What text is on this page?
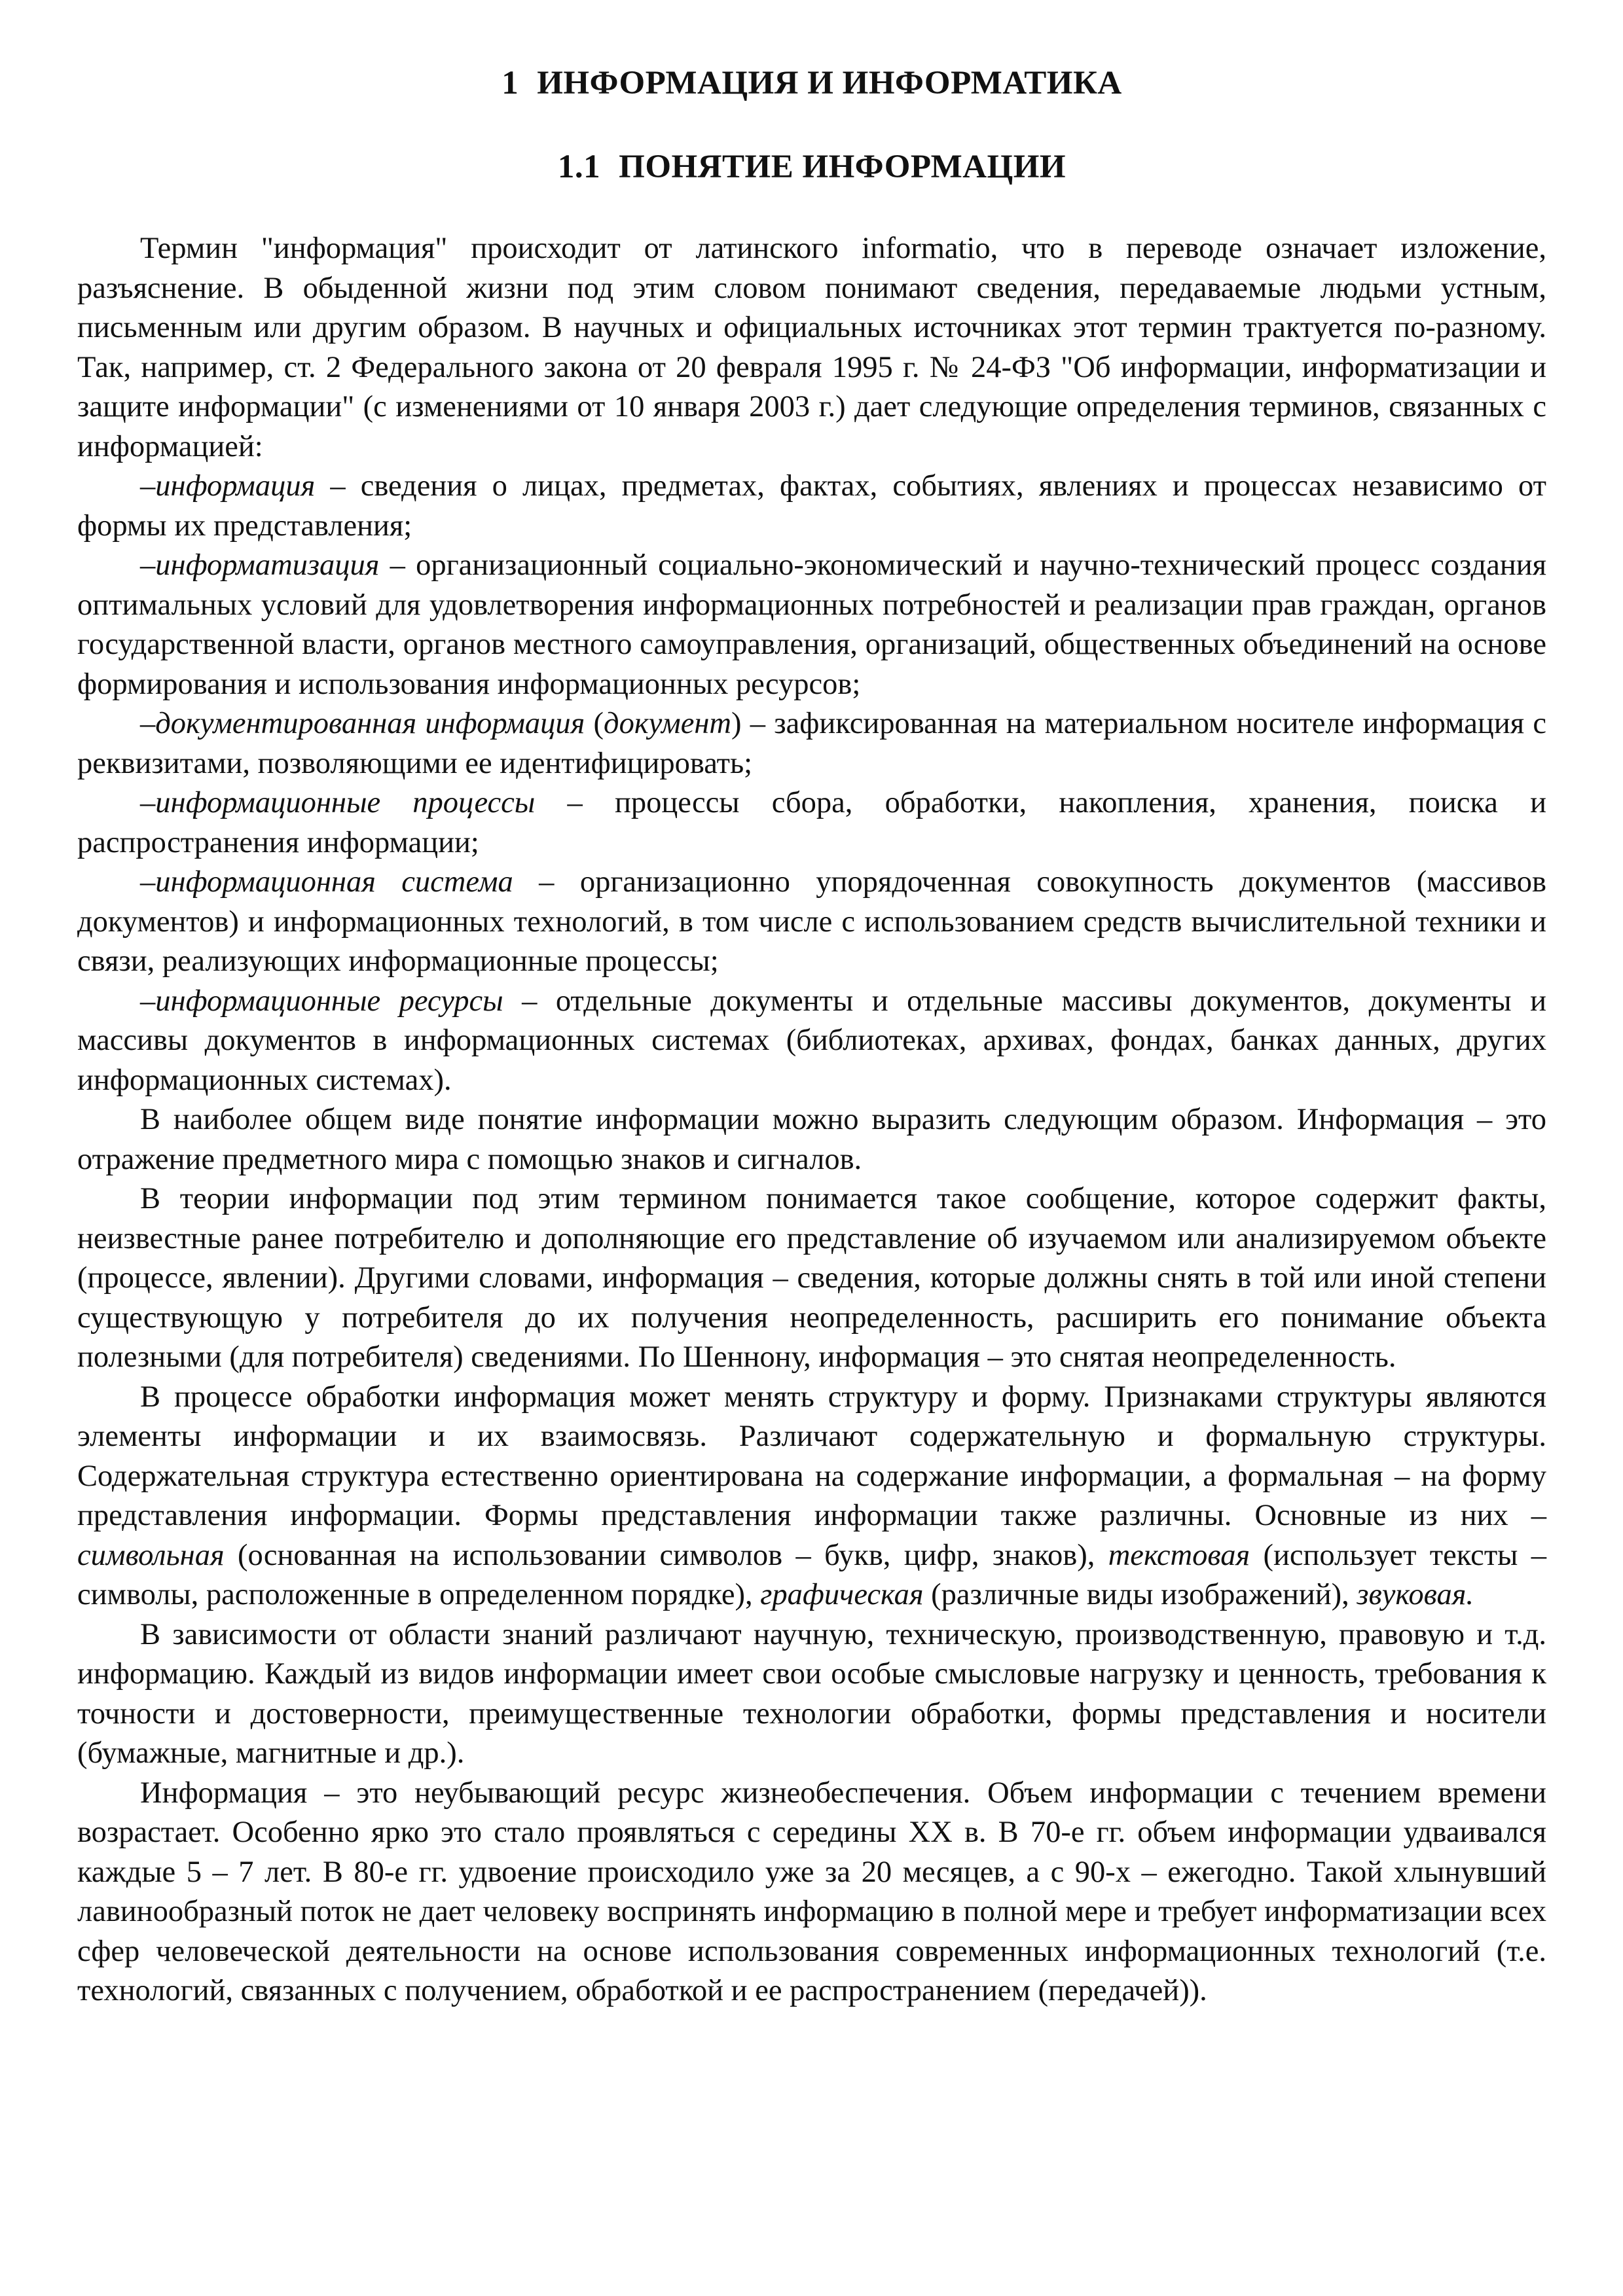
1 ИНФОРМАЦИЯ И ИНФОРМАТИКА
1.1 ПОНЯТИЕ ИНФОРМАЦИИ

Термин "информация" происходит от латинского informatio, что в переводе означает изложение, разъяснение. В обыденной жизни под этим словом понимают сведения, передаваемые людьми устным, письменным или другим образом. В научных и официальных источниках этот термин трактуется по-разному. Так, например, ст. 2 Федерального закона от 20 февраля 1995 г. № 24-ФЗ "Об информации, информатизации и защите информации" (с изменениями от 10 января 2003 г.) дает следующие определения терминов, связанных с информацией:

–информация – сведения о лицах, предметах, фактах, событиях, явлениях и процессах независимо от формы их представления;

–информатизация – организационный социально-экономический и научно-технический процесс создания оптимальных условий для удовлетворения информационных потребностей и реализации прав граждан, органов государственной власти, органов местного самоуправления, организаций, общественных объединений на основе формирования и использования информационных ресурсов;

–документированная информация (документ) – зафиксированная на материальном носителе информация с реквизитами, позволяющими ее идентифицировать;

–информационные процессы – процессы сбора, обработки, накопления, хранения, поиска и распространения информации;

–информационная система – организационно упорядоченная совокупность документов (массивов документов) и информационных технологий, в том числе с использованием средств вычислительной техники и связи, реализующих информационные процессы;

–информационные ресурсы – отдельные документы и отдельные массивы документов, документы и массивы документов в информационных системах (библиотеках, архивах, фондах, банках данных, других информационных системах).

В наиболее общем виде понятие информации можно выразить следующим образом. Информация – это отражение предметного мира с помощью знаков и сигналов.

В теории информации под этим термином понимается такое сообщение, которое содержит факты, неизвестные ранее потребителю и дополняющие его представление об изучаемом или анализируемом объекте (процессе, явлении). Другими словами, информация – сведения, которые должны снять в той или иной степени существующую у потребителя до их получения неопределенность, расширить его понимание объекта полезными (для потребителя) сведениями. По Шеннону, информация – это снятая неопределенность.

В процессе обработки информация может менять структуру и форму. Признаками структуры являются элементы информации и их взаимосвязь. Различают содержательную и формальную структуры. Содержательная структура естественно ориентирована на содержание информации, а формальная – на форму представления информации. Формы представления информации также различны. Основные из них – символьная (основанная на использовании символов – букв, цифр, знаков), текстовая (использует тексты – символы, расположенные в определенном порядке), графическая (различные виды изображений), звуковая.

В зависимости от области знаний различают научную, техническую, производственную, правовую и т.д. информацию. Каждый из видов информации имеет свои особые смысловые нагрузку и ценность, требования к точности и достоверности, преимущественные технологии обработки, формы представления и носители (бумажные, магнитные и др.).

Информация – это неубывающий ресурс жизнеобеспечения. Объем информации с течением времени возрастает. Особенно ярко это стало проявляться с середины XX в. В 70-е гг. объем информации удваивался каждые 5 – 7 лет. В 80-е гг. удвоение происходило уже за 20 месяцев, а с 90-х – ежегодно. Такой хлынувший лавинообразный поток не дает человеку воспринять информацию в полной мере и требует информатизации всех сфер человеческой деятельности на основе использования современных информационных технологий (т.е. технологий, связанных с получением, обработкой и ее распространением (передачей)).
